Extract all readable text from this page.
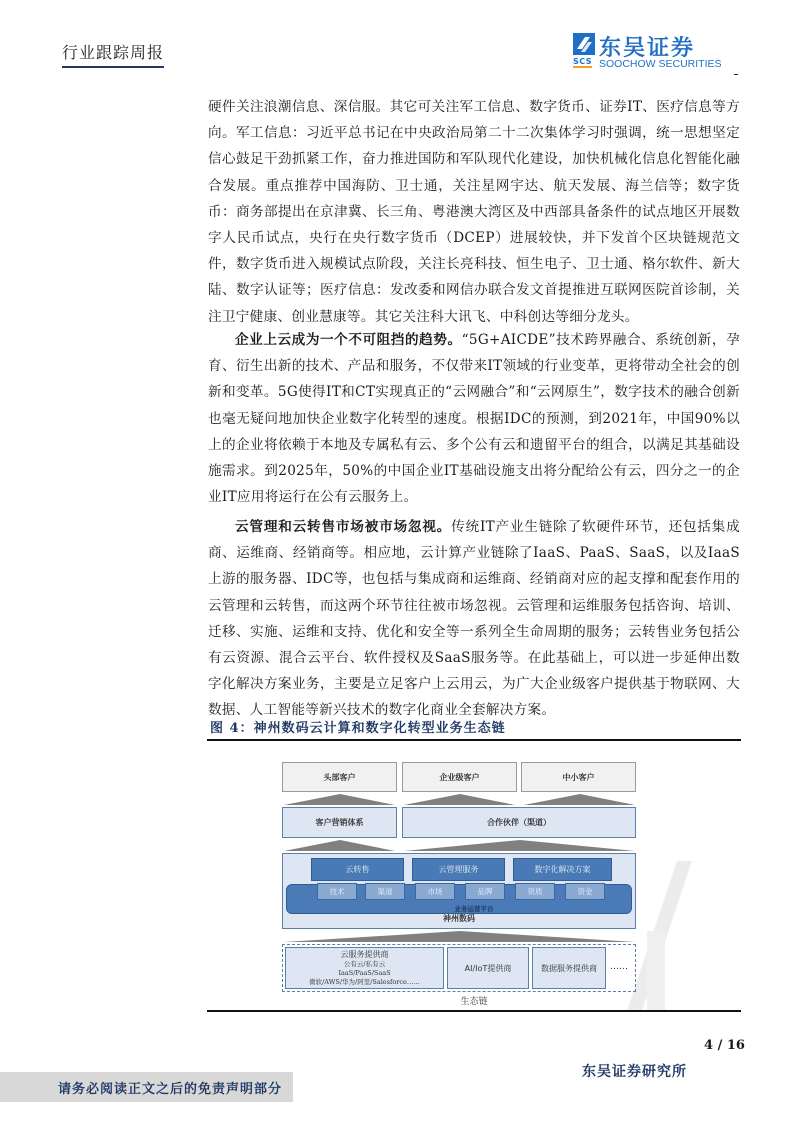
行业跟踪周报	SCS
东吴证券
SOOCHOW SECURITIES

硬件关注浪潮信息、深信服。其它可关注军工信息、数字货币、证券IT、医疗信息等方向。军工信息：习近平总书记在中央政治局第二十二次集体学习时强调，统一思想坚定信心鼓足干劲抓紧工作，奋力推进国防和军队现代化建设，加快机械化信息化智能化融合发展。重点推荐中国海防、卫士通，关注星网宇达、航天发展、海兰信等；数字货币：商务部提出在京津冀、长三角、粤港澳大湾区及中西部具备条件的试点地区开展数字人民币试点，央行在央行数字货币（DCEP）进展较快，并下发首个区块链规范文件，数字货币进入规模试点阶段，关注长亮科技、恒生电子、卫士通、格尔软件、新大陆、数字认证等；医疗信息：发改委和网信办联合发文首提推进互联网医院首诊制，关注卫宁健康、创业慧康等。其它关注科大讯飞、中科创达等细分龙头。

企业上云成为一个不可阻挡的趋势。“5G+AICDE”技术跨界融合、系统创新，孕育、衍生出新的技术、产品和服务，不仅带来IT领域的行业变革，更将带动全社会的创新和变革。5G使得IT和CT实现真正的“云网融合”和“云网原生”，数字技术的融合创新也毫无疑问地加快企业数字化转型的速度。根据IDC的预测，到2021年，中国90%以上的企业将依赖于本地及专属私有云、多个公有云和遗留平台的组合，以满足其基础设施需求。到2025年，50%的中国企业IT基础设施支出将分配给公有云，四分之一的企业IT应用将运行在公有云服务上。

云管理和云转售市场被市场忽视。传统IT产业生链除了软硬件环节，还包括集成商、运维商、经销商等。相应地，云计算产业链除了IaaS、PaaS、SaaS，以及IaaS上游的服务器、IDC等，也包括与集成商和运维商、经销商对应的起支撑和配套作用的云管理和云转售，而这两个环节往往被市场忽视。云管理和运维服务包括咨询、培训、迁移、实施、运维和支持、优化和安全等一系列全生命周期的服务；云转售业务包括公有云资源、混合云平台、软件授权及SaaS服务等。在此基础上，可以进一步延伸出数字化解决方案业务，主要是立足客户上云用云，为广大企业级客户提供基于物联网、大数据、人工智能等新兴技术的数字化商业全套解决方案。

图 4：神州数码云计算和数字化转型业务生态链
头部客户	企业级客户	中小客户
客户营销体系	合作伙伴（渠道）
神州数码
业务运营平台
云转售	云管理服务	数字化解决方案
技术	渠道	市场	品牌	资质	资金
云服务提供商
公有云/私有云
IaaS/PaaS/SaaS
微软/AWS/华为/阿里/Salesforce……
AI/IoT提供商	数据服务提供商	……
生态链
4 / 16
东吴证券研究所
请务必阅读正文之后的免责声明部分
